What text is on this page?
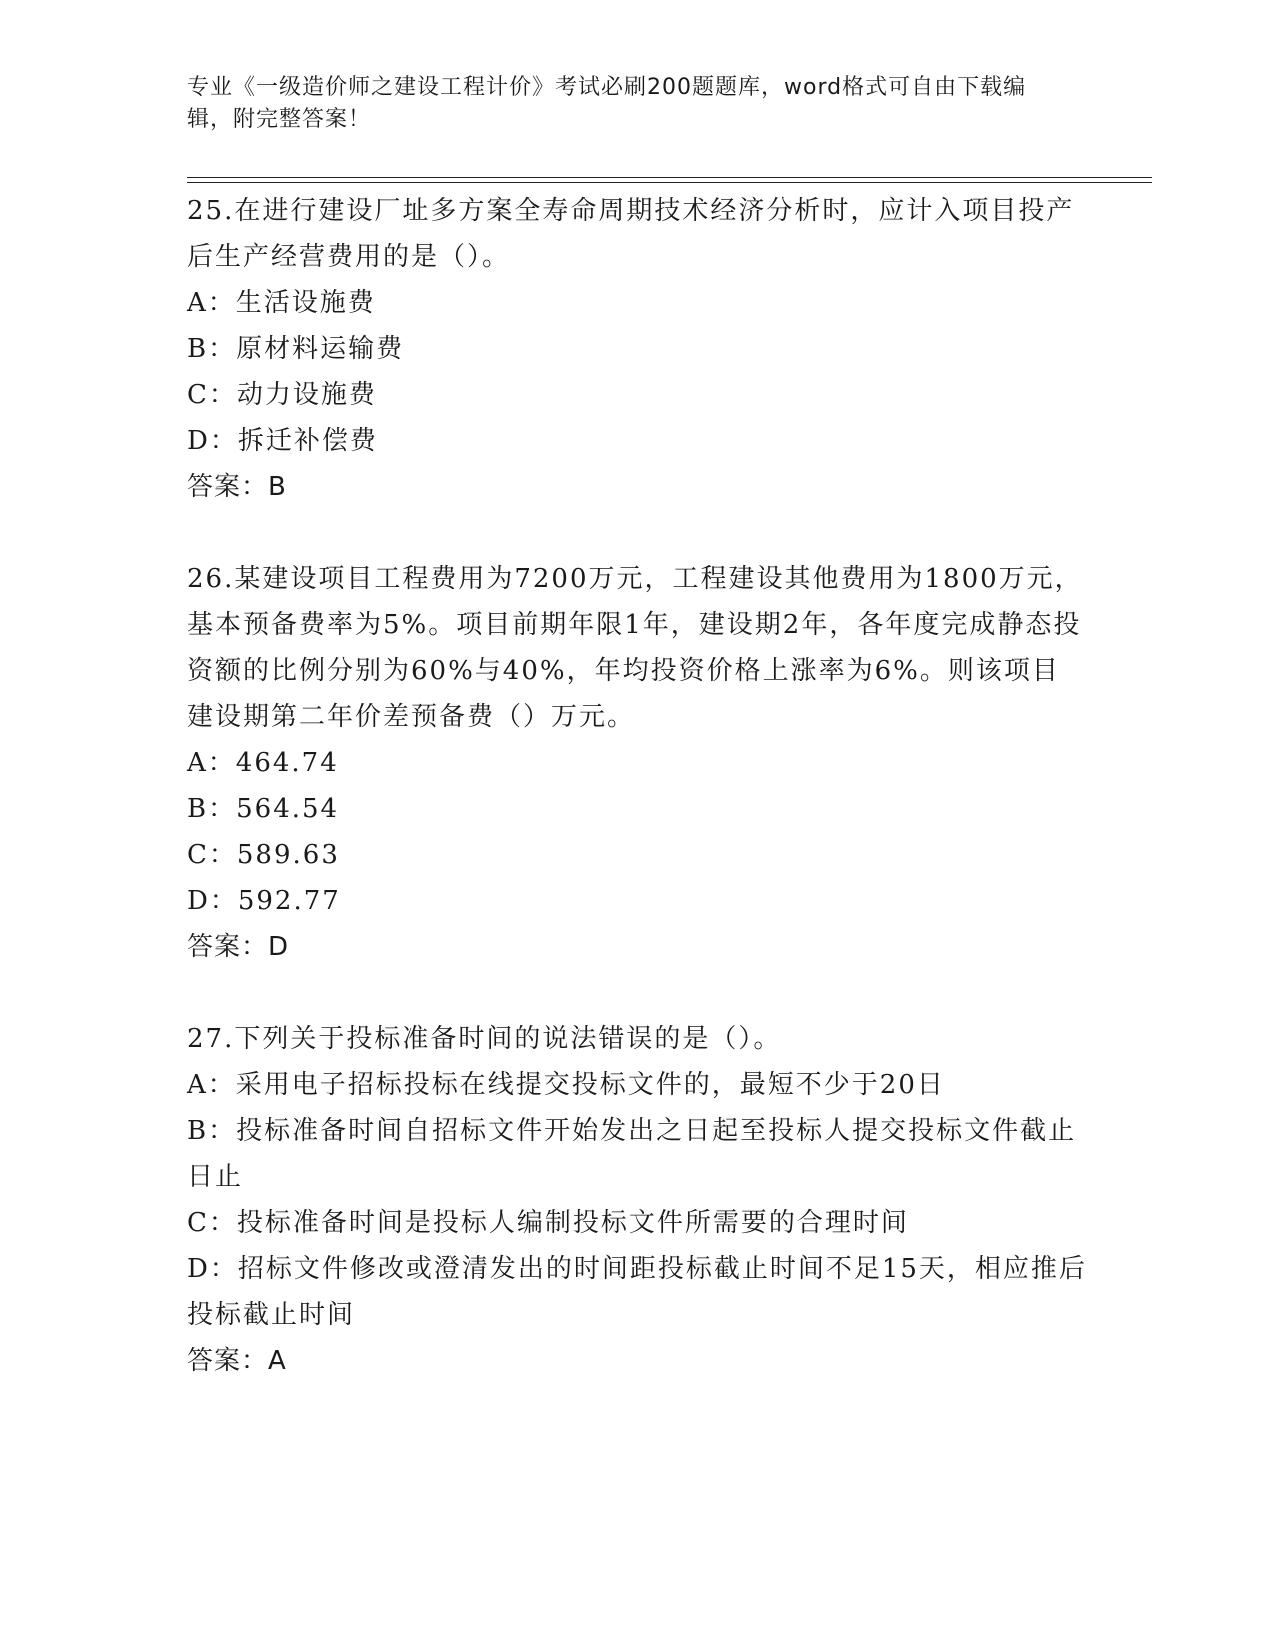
专业《一级造价师之建设工程计价》考试必刷200题题库，word格式可自由下载编辑，附完整答案！

25.在进行建设厂址多方案全寿命周期技术经济分析时，应计入项目投产后生产经营费用的是（）。

A：生活设施费

B：原材料运输费

C：动力设施费

D：拆迁补偿费

答案：B

26.某建设项目工程费用为7200万元，工程建设其他费用为1800万元，基本预备费率为5%。项目前期年限1年，建设期2年，各年度完成静态投资额的比例分别为60%与40%，年均投资价格上涨率为6%。则该项目建设期第二年价差预备费（）万元。

A：464.74

B：564.54

C：589.63

D：592.77

答案：D

27.下列关于投标准备时间的说法错误的是（）。

A：采用电子招标投标在线提交投标文件的，最短不少于20日

B：投标准备时间自招标文件开始发出之日起至投标人提交投标文件截止日止

C：投标准备时间是投标人编制投标文件所需要的合理时间

D：招标文件修改或澄清发出的时间距投标截止时间不足15天，相应推后投标截止时间

答案：A
